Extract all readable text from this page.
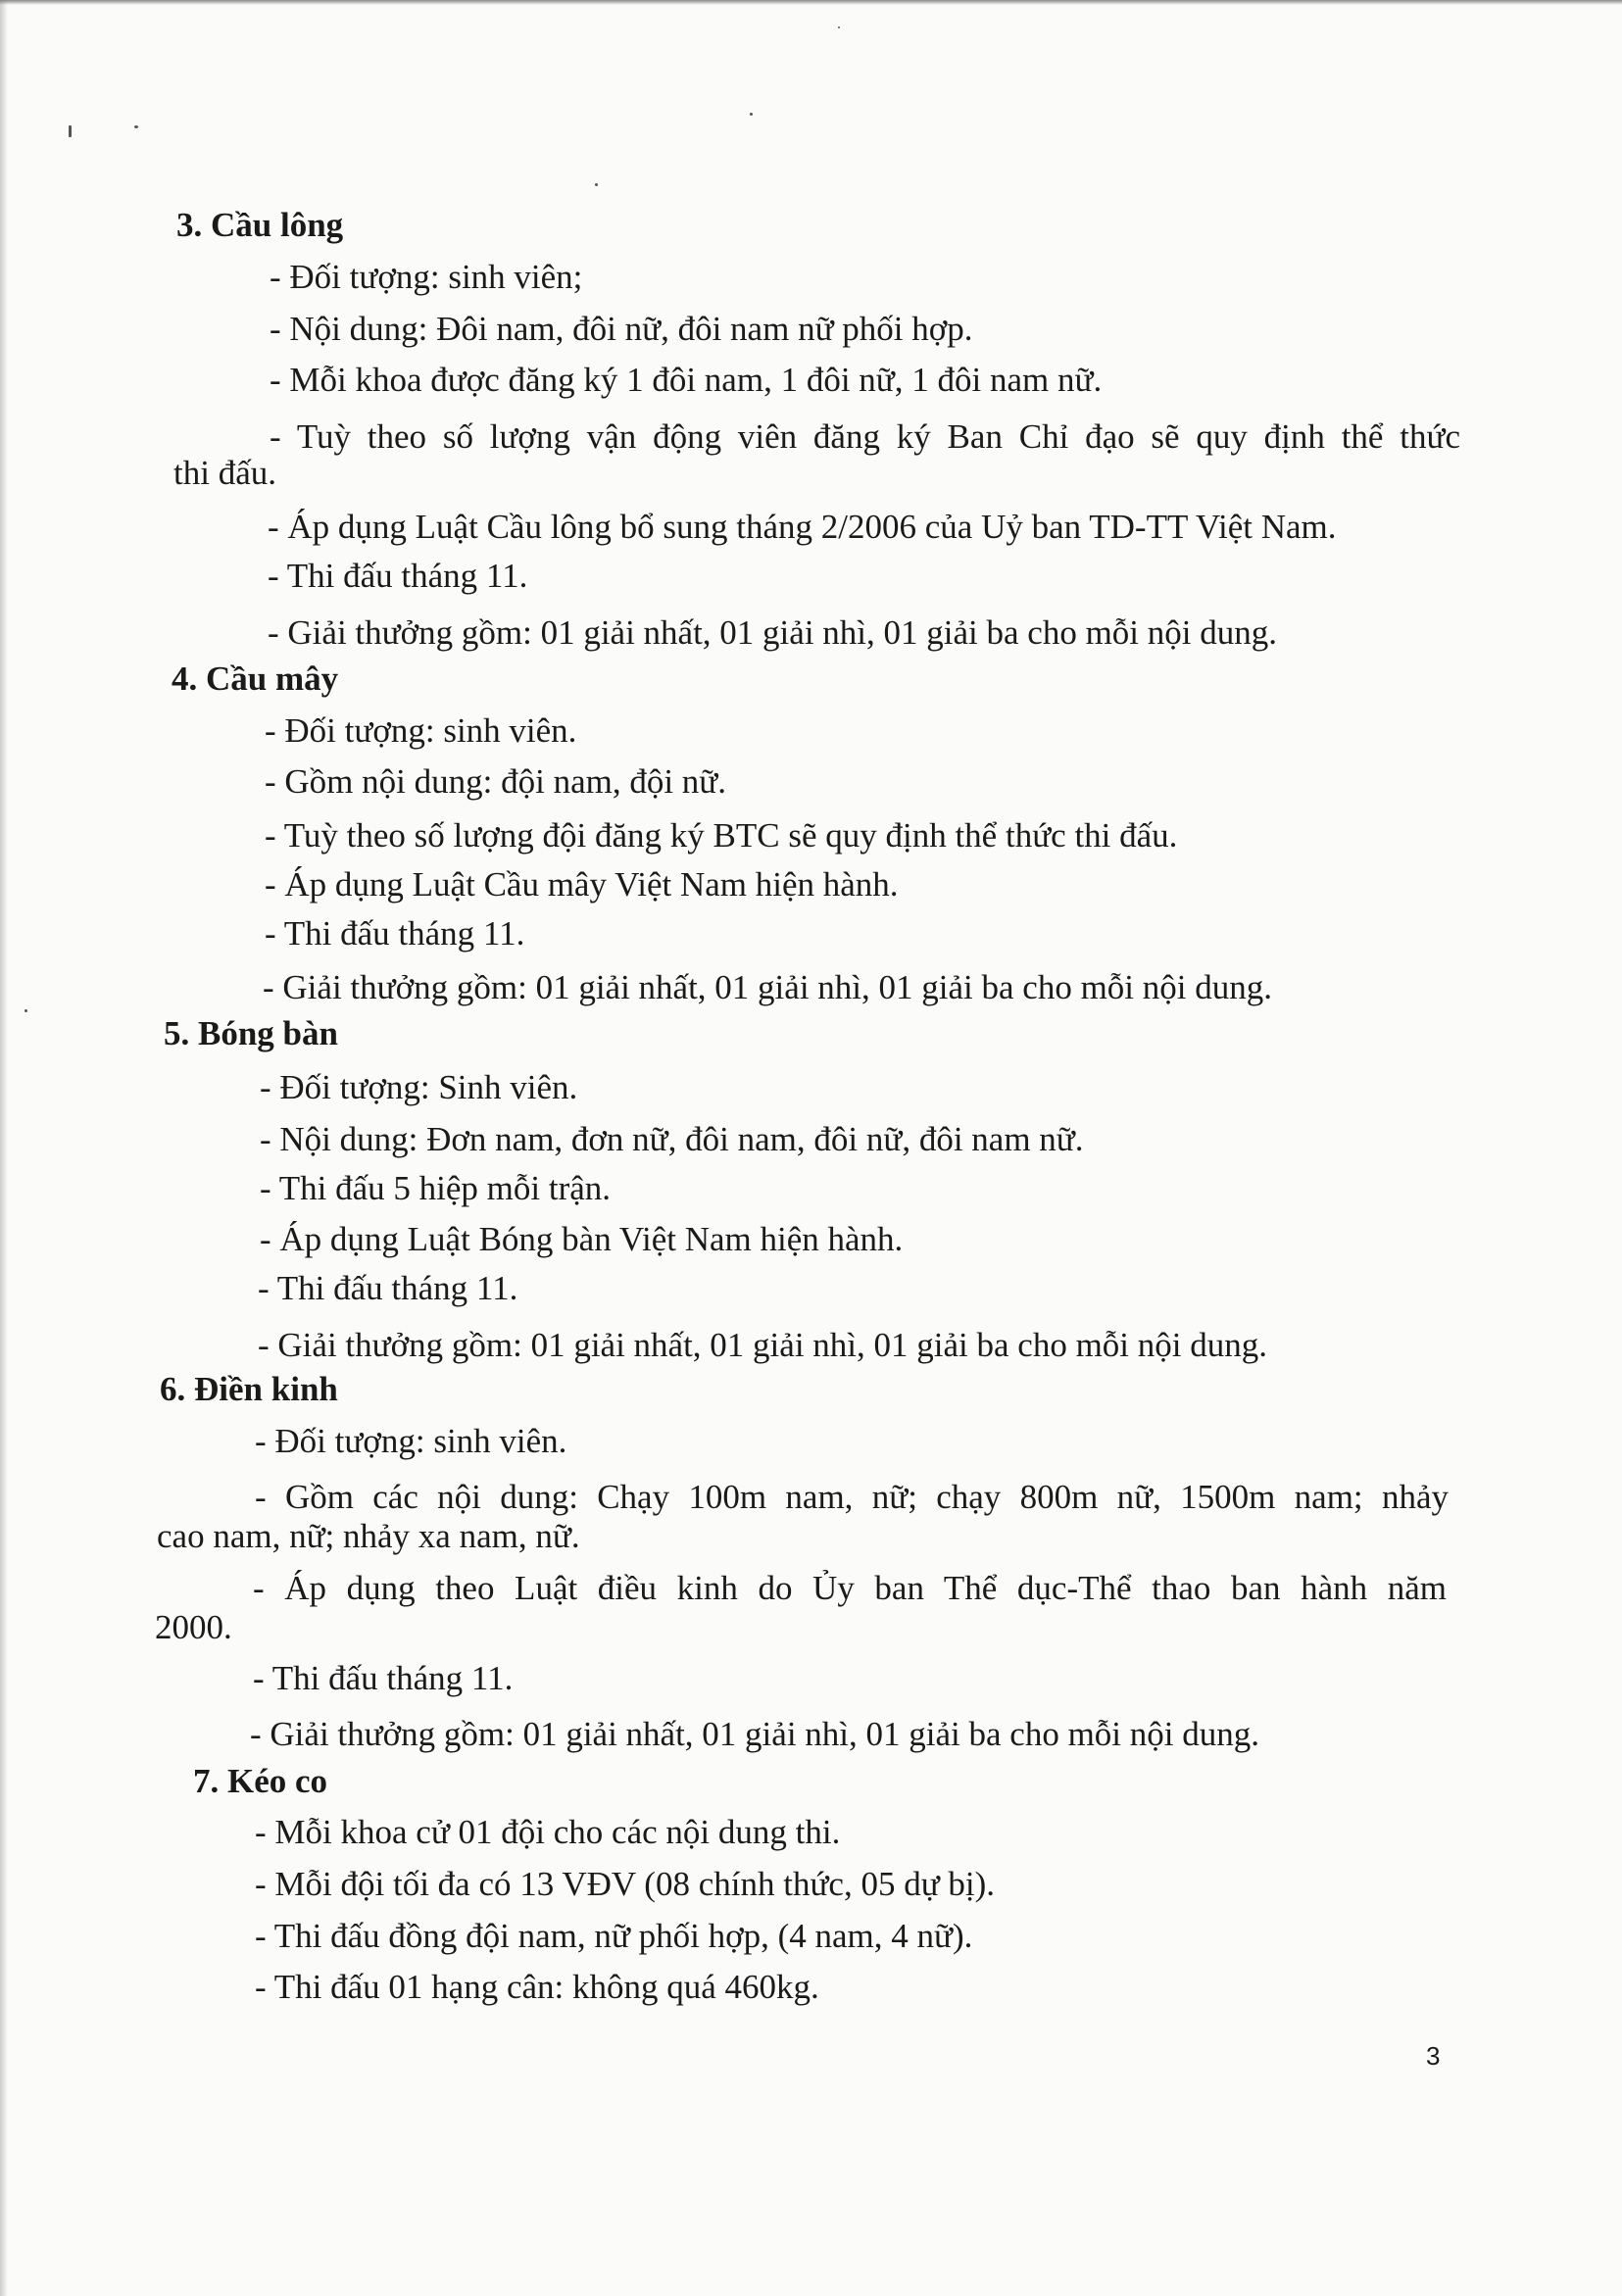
3. Cầu lông
- Đối tượng: sinh viên;
- Nội dung: Đôi nam, đôi nữ, đôi nam nữ phối hợp.
- Mỗi khoa được đăng ký 1 đôi nam, 1 đôi nữ, 1 đôi nam nữ.
- Tuỳ theo số lượng vận động viên đăng ký Ban Chỉ đạo sẽ quy định thể thức
thi đấu.
- Áp dụng Luật Cầu lông bổ sung tháng 2/2006 của Uỷ ban TD-TT Việt Nam.
- Thi đấu tháng 11.
- Giải thưởng gồm: 01 giải nhất, 01 giải nhì, 01 giải ba cho mỗi nội dung.
4. Cầu mây
- Đối tượng: sinh viên.
- Gồm nội dung: đội nam, đội nữ.
- Tuỳ theo số lượng đội đăng ký BTC sẽ quy định thể thức thi đấu.
- Áp dụng Luật Cầu mây Việt Nam hiện hành.
- Thi đấu tháng 11.
- Giải thưởng gồm: 01 giải nhất, 01 giải nhì, 01 giải ba cho mỗi nội dung.
5. Bóng bàn
- Đối tượng: Sinh viên.
- Nội dung: Đơn nam, đơn nữ, đôi nam, đôi nữ, đôi nam nữ.
- Thi đấu 5 hiệp mỗi trận.
- Áp dụng Luật Bóng bàn Việt Nam hiện hành.
- Thi đấu tháng 11.
- Giải thưởng gồm: 01 giải nhất, 01 giải nhì, 01 giải ba cho mỗi nội dung.
6. Điền kinh
- Đối tượng: sinh viên.
- Gồm các nội dung: Chạy 100m nam, nữ; chạy 800m nữ, 1500m nam; nhảy
cao nam, nữ; nhảy xa nam, nữ.
- Áp dụng theo Luật điều kinh do Ủy ban Thể dục-Thể thao ban hành năm
2000.
- Thi đấu tháng 11.
- Giải thưởng gồm: 01 giải nhất, 01 giải nhì, 01 giải ba cho mỗi nội dung.
7. Kéo co
- Mỗi khoa cử 01 đội cho các nội dung thi.
- Mỗi đội tối đa có 13 VĐV (08 chính thức, 05 dự bị).
- Thi đấu đồng đội nam, nữ phối hợp, (4 nam, 4 nữ).
- Thi đấu 01 hạng cân: không quá 460kg.
3
